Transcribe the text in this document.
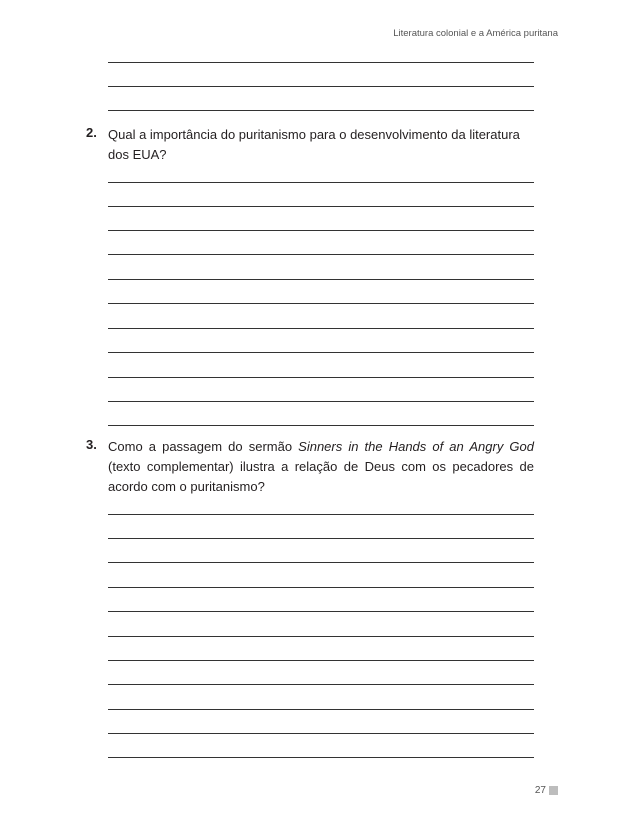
Literatura colonial e a América puritana
2. Qual a importância do puritanismo para o desenvolvimento da literatura dos EUA?
3. Como a passagem do sermão Sinners in the Hands of an Angry God (texto complementar) ilustra a relação de Deus com os pecadores de acordo com o puritanismo?
27
